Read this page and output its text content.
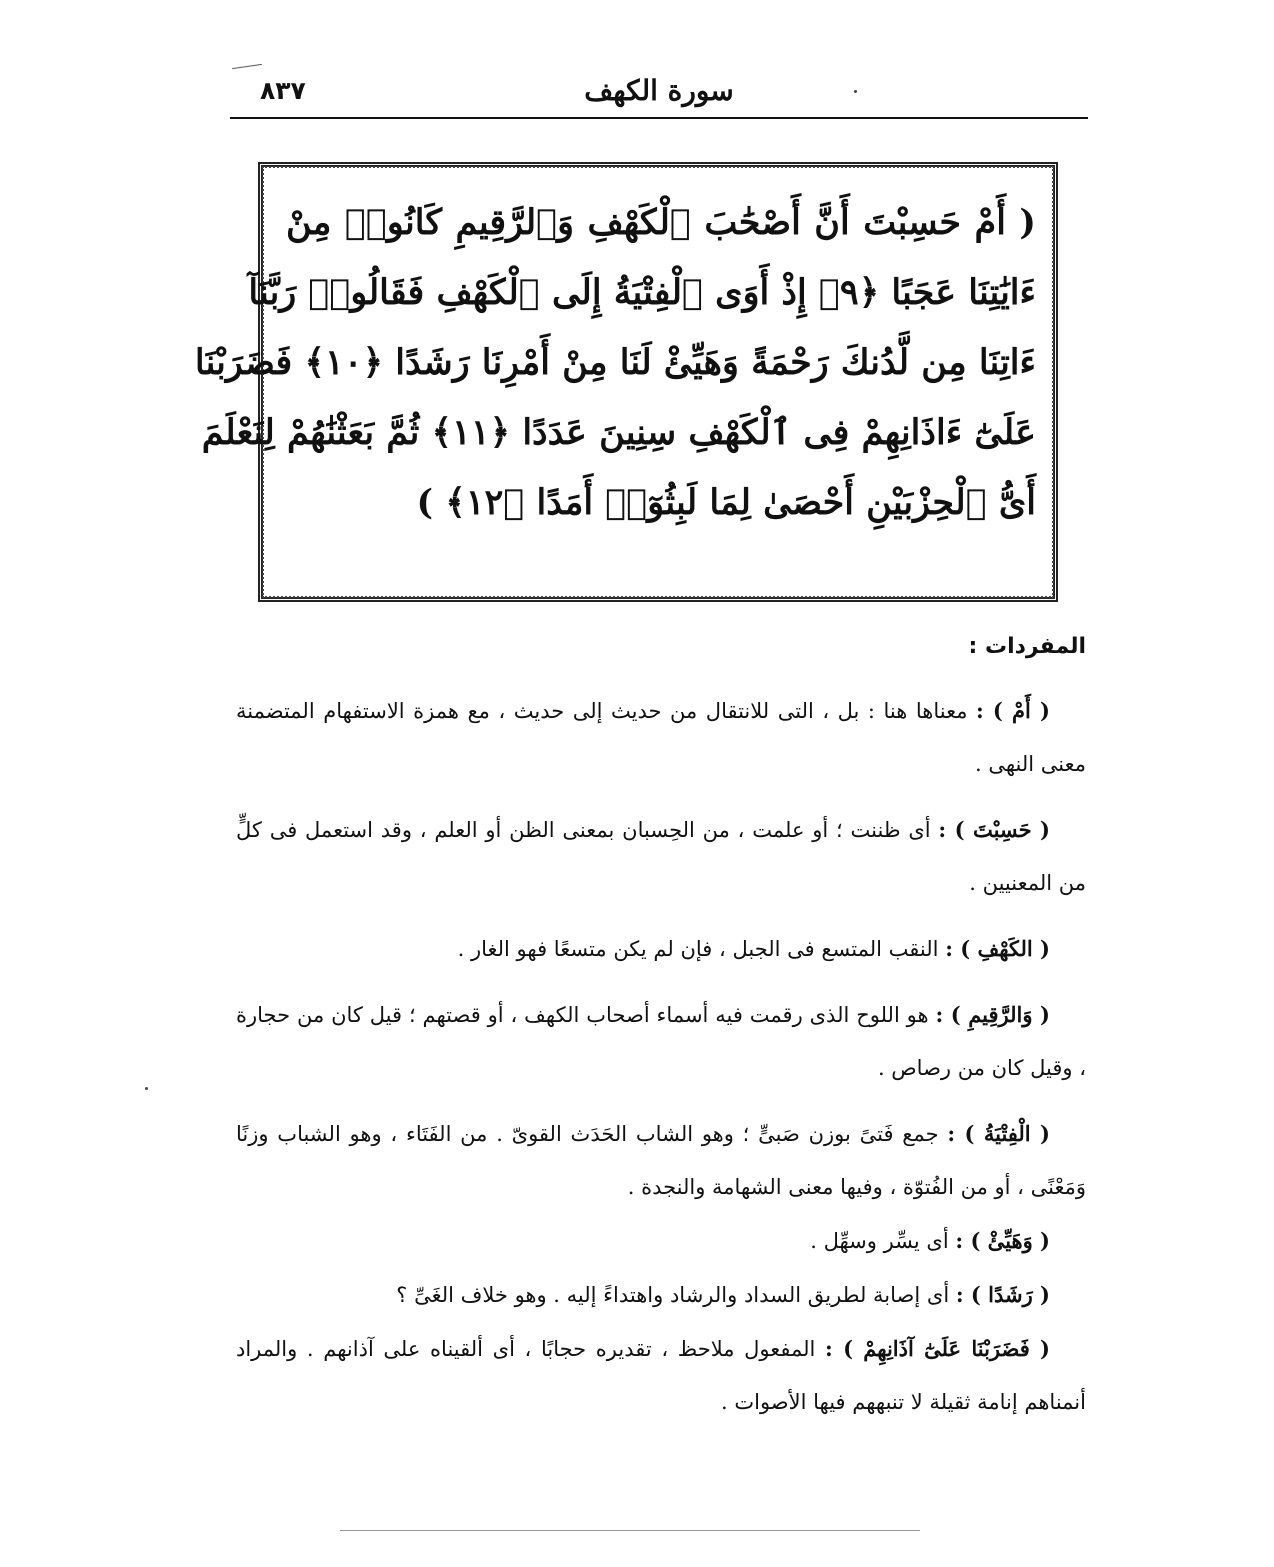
٨٣٧	سورة الكهف
( أَمْ حَسِبْتَ أَنَّ أَصْحَٰبَ ٱلْكَهْفِ وَٱلرَّقِيمِ كَانُوا۟ مِنْ
ءَايَٰتِنَا عَجَبًا ﴿٩﴾ إِذْ أَوَى ٱلْفِتْيَةُ إِلَى ٱلْكَهْفِ فَقَالُوا۟ رَبَّنَآ
ءَاتِنَا مِن لَّدُنكَ رَحْمَةً وَهَيِّئْ لَنَا مِنْ أَمْرِنَا رَشَدًا ﴿١٠﴾ فَضَرَبْنَا
عَلَىٰٓ ءَاذَانِهِمْ فِى ٱلْكَهْفِ سِنِينَ عَدَدًا ﴿١١﴾ ثُمَّ بَعَثْنَٰهُمْ لِنَعْلَمَ
أَىُّ ٱلْحِزْبَيْنِ أَحْصَىٰ لِمَا لَبِثُوٓا۟ أَمَدًا ﴿١٢﴾ )
المفردات :

( أَمْ ) : معناها هنا : بل ، التى للانتقال من حديث إلى حديث ، مع همزة الاستفهام المتضمنة معنى النهى .

( حَسِبْتَ ) : أى ظننت ؛ أو علمت ، من الحِسبان بمعنى الظن أو العلم ، وقد استعمل فى كلٍّ من المعنيين .

( الكَهْفِ ) : النقب المتسع فى الجبل ، فإن لم يكن متسعًا فهو الغار .

( وَالرَّقِيمِ ) : هو اللوح الذى رقمت فيه أسماء أصحاب الكهف ، أو قصتهم ؛ قيل كان من حجارة ، وقيل كان من رصاص .

( الْفِتْيَةُ ) : جمع فَتىً بوزن صَبىٍّ ؛ وهو الشاب الحَدَث القوىّ . من الفَتَاء ، وهو الشباب وزنًا وَمَعْنًى ، أو من الفُتوّة ، وفيها معنى الشهامة والنجدة .

( وَهَيِّئْ ) : أى يسِّر وسهِّل .

( رَشَدًا ) : أى إصابة لطريق السداد والرشاد واهتداءً إليه . وهو خلاف الغَىِّ ؟

( فَضَرَبْنَا عَلَىٰٓ آذَانِهِمْ ) : المفعول ملاحظ ، تقديره حجابًا ، أى ألقيناه على آذانهم . والمراد أنمناهم إنامة ثقيلة لا تنبههم فيها الأصوات .
